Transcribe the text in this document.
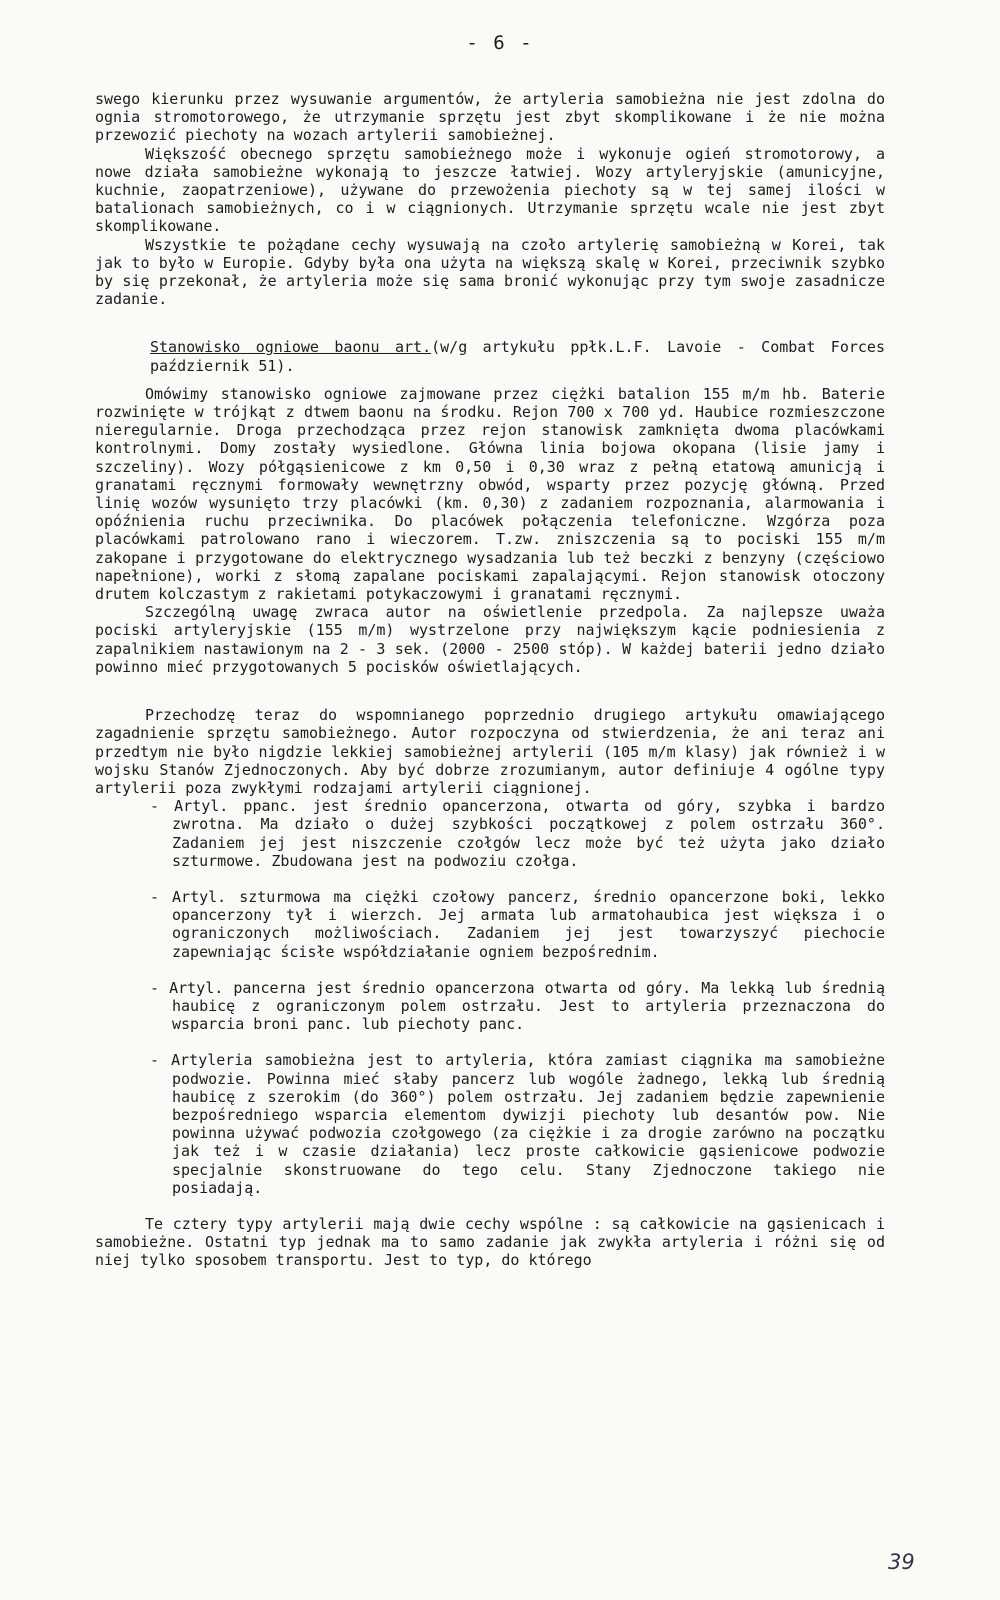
- 6 -

swego kierunku przez wysuwanie argumentów, że artyleria samobieżna nie jest zdolna do ognia stromotorowego, że utrzymanie sprzętu jest zbyt skomplikowane i że nie można przewozić piechoty na wozach artylerii samobieżnej.

Większość obecnego sprzętu samobieżnego może i wykonuje ogień stromotorowy, a nowe działa samobieżne wykonają to jeszcze łatwiej. Wozy artyleryjskie (amunicyjne, kuchnie, zaopatrzeniowe), używane do przewożenia piechoty są w tej samej ilości w batalionach samobieżnych, co i w ciągnionych. Utrzymanie sprzętu wcale nie jest zbyt skomplikowane.

Wszystkie te pożądane cechy wysuwają na czoło artylerię samobieżną w Korei, tak jak to było w Europie. Gdyby była ona użyta na większą skalę w Korei, przeciwnik szybko by się przekonał, że artyleria może się sama bronić wykonując przy tym swoje zasadnicze zadanie.

Stanowisko ogniowe baonu art.(w/g artykułu ppłk.L.F. Lavoie - Combat Forces październik 51).

Omówimy stanowisko ogniowe zajmowane przez ciężki batalion 155 m/m hb. Baterie rozwinięte w trójkąt z dtwem baonu na środku. Rejon 700 x 700 yd. Haubice rozmieszczone nieregularnie. Droga przechodząca przez rejon stanowisk zamknięta dwoma placówkami kontrolnymi. Domy zostały wysiedlone. Główna linia bojowa okopana (lisie jamy i szczeliny). Wozy półgąsienicowe z km 0,50 i 0,30 wraz z pełną etatową amunicją i granatami ręcznymi formowały wewnętrzny obwód, wsparty przez pozycję główną. Przed linię wozów wysunięto trzy placówki (km. 0,30) z zadaniem rozpoznania, alarmowania i opóźnienia ruchu przeciwnika. Do placówek połączenia telefoniczne. Wzgórza poza placówkami patrolowano rano i wieczorem. T.zw. zniszczenia są to pociski 155 m/m zakopane i przygotowane do elektrycznego wysadzania lub też beczki z benzyny (częściowo napełnione), worki z słomą zapalane pociskami zapalającymi. Rejon stanowisk otoczony drutem kolczastym z rakietami potykaczowymi i granatami ręcznymi.

Szczególną uwagę zwraca autor na oświetlenie przedpola. Za najlepsze uważa pociski artyleryjskie (155 m/m) wystrzelone przy największym kącie podniesienia z zapalnikiem nastawionym na 2 - 3 sek. (2000 - 2500 stóp). W każdej baterii jedno działo powinno mieć przygotowanych 5 pocisków oświetlających.

Przechodzę teraz do wspomnianego poprzednio drugiego artykułu omawiającego zagadnienie sprzętu samobieżnego. Autor rozpoczyna od stwierdzenia, że ani teraz ani przedtym nie było nigdzie lekkiej samobieżnej artylerii (105 m/m klasy) jak również i w wojsku Stanów Zjednoczonych. Aby być dobrze zrozumianym, autor definiuje 4 ogólne typy artylerii poza zwykłymi rodzajami artylerii ciągnionej.

- Artyl. ppanc. jest średnio opancerzona, otwarta od góry, szybka i bardzo zwrotna. Ma działo o dużej szybkości początkowej z polem ostrzału 360°. Zadaniem jej jest niszczenie czołgów lecz może być też użyta jako działo szturmowe. Zbudowana jest na podwoziu czołga.

- Artyl. szturmowa ma ciężki czołowy pancerz, średnio opancerzone boki, lekko opancerzony tył i wierzch. Jej armata lub armatohaubica jest większa i o ograniczonych możliwościach. Zadaniem jej jest towarzyszyć piechocie zapewniając ścisłe współdziałanie ogniem bezpośrednim.

- Artyl. pancerna jest średnio opancerzona otwarta od góry. Ma lekką lub średnią haubicę z ograniczonym polem ostrzału. Jest to artyleria przeznaczona do wsparcia broni panc. lub piechoty panc.

- Artyleria samobieżna jest to artyleria, która zamiast ciągnika ma samobieżne podwozie. Powinna mieć słaby pancerz lub wogóle żadnego, lekką lub średnią haubicę z szerokim (do 360°) polem ostrzału. Jej zadaniem będzie zapewnienie bezpośredniego wsparcia elementom dywizji piechoty lub desantów pow. Nie powinna używać podwozia czołgowego (za ciężkie i za drogie zarówno na początku jak też i w czasie działania) lecz proste całkowicie gąsienicowe podwozie specjalnie skonstruowane do tego celu. Stany Zjednoczone takiego nie posiadają.

Te cztery typy artylerii mają dwie cechy wspólne : są całkowicie na gąsienicach i samobieżne. Ostatni typ jednak ma to samo zadanie jak zwykła artyleria i różni się od niej tylko sposobem transportu. Jest to typ, do którego

39
